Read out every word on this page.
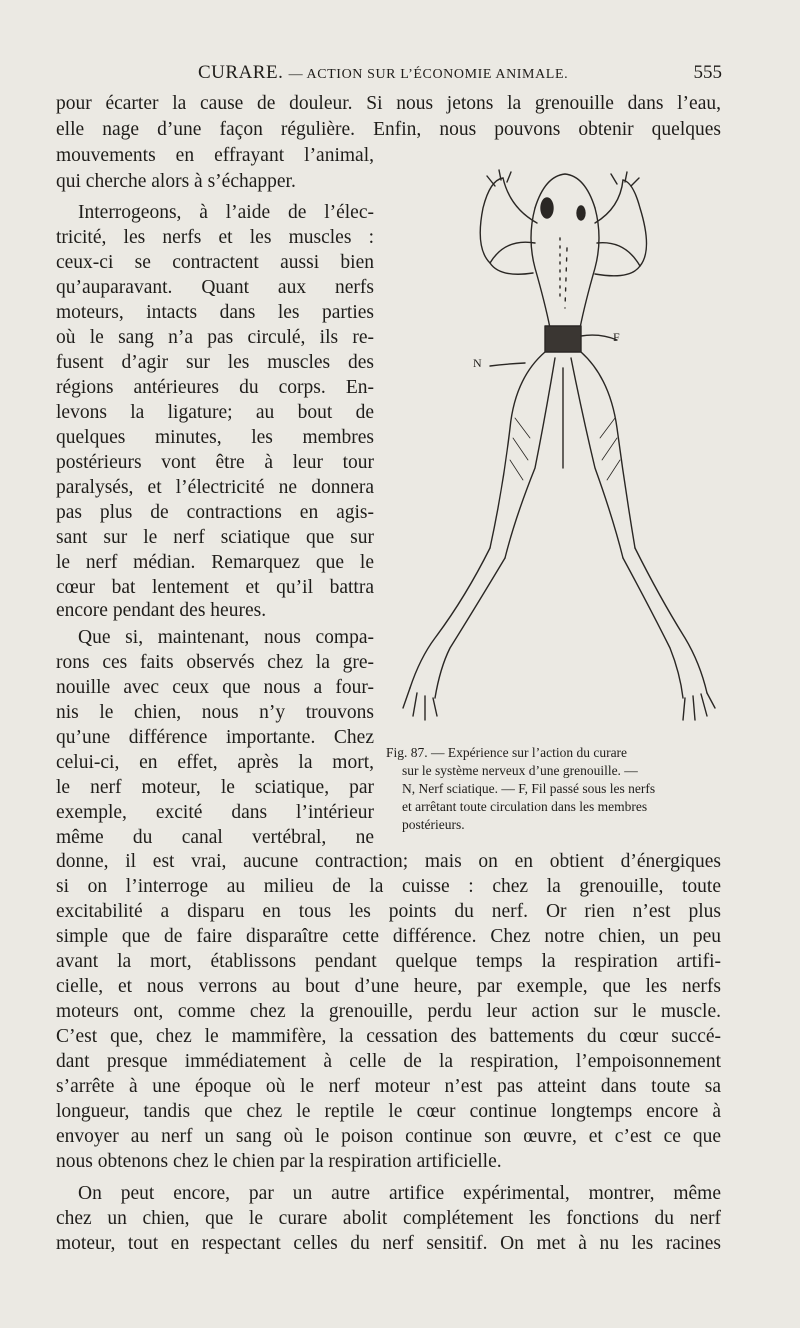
CURARE. — ACTION SUR L’ÉCONOMIE ANIMALE.	555
pour écarter la cause de douleur. Si nous jetons la grenouille dans l’eau,
elle nage d’une façon régulière. Enfin, nous pouvons obtenir quelques
mouvements en effrayant l’animal,
qui cherche alors à s’échapper.
Interrogeons, à l’aide de l’élec-
tricité, les nerfs et les muscles :
ceux-ci se contractent aussi bien
qu’auparavant. Quant aux nerfs
moteurs, intacts dans les parties
où le sang n’a pas circulé, ils re-
fusent d’agir sur les muscles des
régions antérieures du corps. En-
levons la ligature; au bout de
quelques minutes, les membres
postérieurs vont être à leur tour
paralysés, et l’électricité ne donnera
pas plus de contractions en agis-
sant sur le nerf sciatique que sur
le nerf médian. Remarquez que le
cœur bat lentement et qu’il battra
encore pendant des heures.
Que si, maintenant, nous compa-
rons ces faits observés chez la gre-
nouille avec ceux que nous a four-
nis le chien, nous n’y trouvons
qu’une différence importante. Chez
celui-ci, en effet, après la mort,
le nerf moteur, le sciatique, par
exemple, excité dans l’intérieur
même du canal vertébral, ne
donne, il est vrai, aucune contraction; mais on en obtient d’énergiques
si on l’interroge au milieu de la cuisse : chez la grenouille, toute
excitabilité a disparu en tous les points du nerf. Or rien n’est plus
simple que de faire disparaître cette différence. Chez notre chien, un peu
avant la mort, établissons pendant quelque temps la respiration artifi-
cielle, et nous verrons au bout d’une heure, par exemple, que les nerfs
moteurs ont, comme chez la grenouille, perdu leur action sur le muscle.
C’est que, chez le mammifère, la cessation des battements du cœur succé-
dant presque immédiatement à celle de la respiration, l’empoisonnement
s’arrête à une époque où le nerf moteur n’est pas atteint dans toute sa
longueur, tandis que chez le reptile le cœur continue longtemps encore à
envoyer au nerf un sang où le poison continue son œuvre, et c’est ce que
nous obtenons chez le chien par la respiration artificielle.
On peut encore, par un autre artifice expérimental, montrer, même
chez un chien, que le curare abolit complétement les fonctions du nerf
moteur, tout en respectant celles du nerf sensitif. On met à nu les racines
N
F
Fig. 87. — Expérience sur l’action du curare
sur le système nerveux d’une grenouille. —
N, Nerf sciatique. — F, Fil passé sous les nerfs
et arrêtant toute circulation dans les membres
postérieurs.
